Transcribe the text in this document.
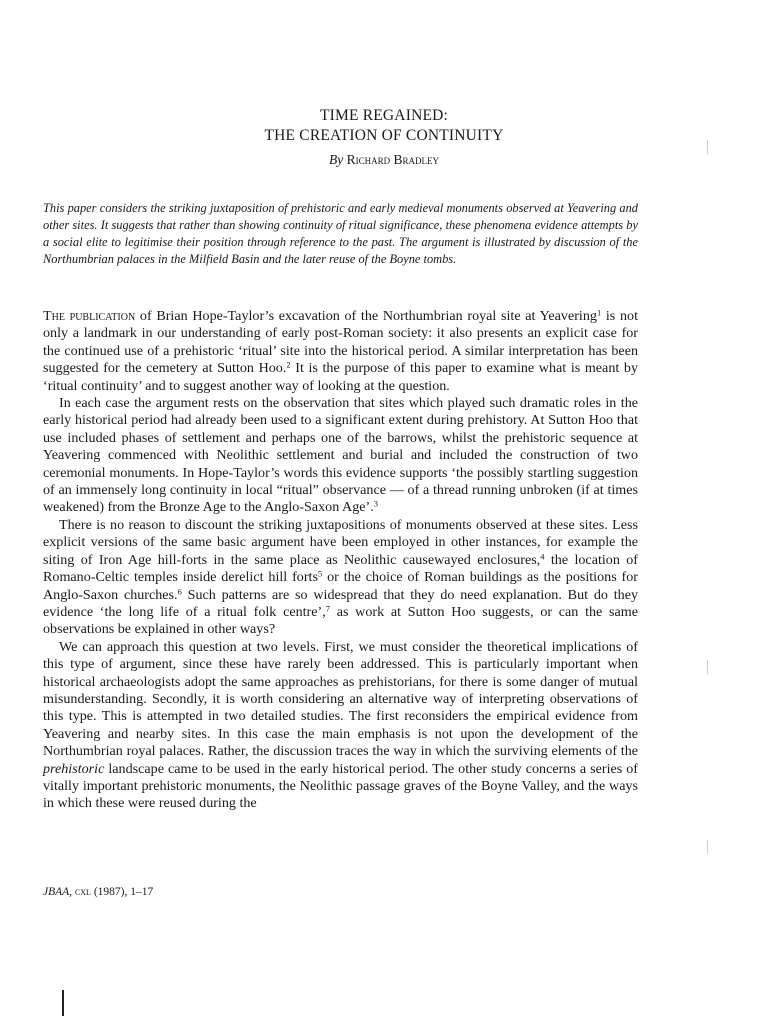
TIME REGAINED:
THE CREATION OF CONTINUITY
By Richard Bradley

This paper considers the striking juxtaposition of prehistoric and early medieval monuments observed at Yeavering and other sites. It suggests that rather than showing continuity of ritual significance, these phenomena evidence attempts by a social elite to legitimise their position through reference to the past. The argument is illustrated by discussion of the Northumbrian palaces in the Milfield Basin and the later reuse of the Boyne tombs.

The publication of Brian Hope-Taylor’s excavation of the Northumbrian royal site at Yeavering$^1$ is not only a landmark in our understanding of early post-Roman society: it also presents an explicit case for the continued use of a prehistoric ‘ritual’ site into the historical period. A similar interpretation has been suggested for the cemetery at Sutton Hoo.$^2$ It is the purpose of this paper to examine what is meant by ‘ritual continuity’ and to suggest another way of looking at the question.

In each case the argument rests on the observation that sites which played such dramatic roles in the early historical period had already been used to a significant extent during prehistory. At Sutton Hoo that use included phases of settlement and perhaps one of the barrows, whilst the prehistoric sequence at Yeavering commenced with Neolithic settlement and burial and included the construction of two ceremonial monuments. In Hope-Taylor’s words this evidence supports ‘the possibly startling suggestion of an immensely long continuity in local “ritual” observance — of a thread running unbroken (if at times weakened) from the Bronze Age to the Anglo-Saxon Age’.$^3$

There is no reason to discount the striking juxtapositions of monuments observed at these sites. Less explicit versions of the same basic argument have been employed in other instances, for example the siting of Iron Age hill-forts in the same place as Neolithic causewayed enclosures,$^4$ the location of Romano-Celtic temples inside derelict hill forts$^5$ or the choice of Roman buildings as the positions for Anglo-Saxon churches.$^6$ Such patterns are so widespread that they do need explanation. But do they evidence ‘the long life of a ritual folk centre’,$^7$ as work at Sutton Hoo suggests, or can the same observations be explained in other ways?

We can approach this question at two levels. First, we must consider the theoretical implications of this type of argument, since these have rarely been addressed. This is particularly important when historical archaeologists adopt the same approaches as prehistorians, for there is some danger of mutual misunderstanding. Secondly, it is worth considering an alternative way of interpreting observations of this type. This is attempted in two detailed studies. The first reconsiders the empirical evidence from Yeavering and nearby sites. In this case the main emphasis is not upon the development of the Northumbrian royal palaces. Rather, the discussion traces the way in which the surviving elements of the prehistoric landscape came to be used in the early historical period. The other study concerns a series of vitally important prehistoric monuments, the Neolithic passage graves of the Boyne Valley, and the ways in which these were reused during the

JBAA, cxl (1987), 1–17
